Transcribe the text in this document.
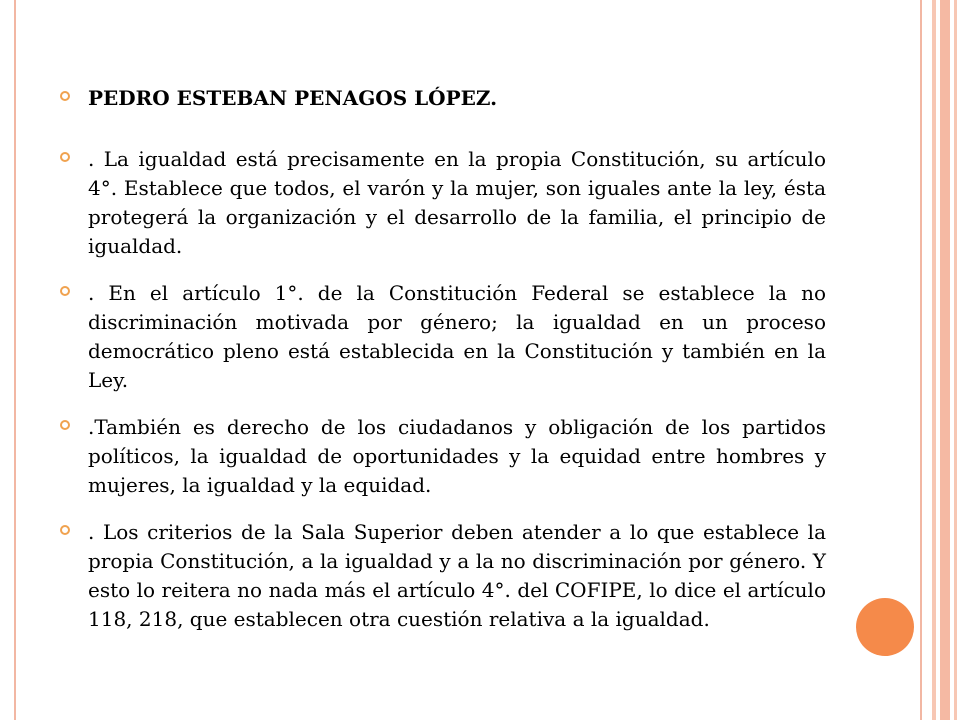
PEDRO ESTEBAN PENAGOS LÓPEZ.
. La igualdad está precisamente en la propia Constitución, su artículo 4°. Establece que todos, el varón y la mujer, son iguales ante la ley, ésta protegerá la organización y el desarrollo de la familia, el principio de igualdad.
. En el artículo 1°. de la Constitución Federal se establece la no discriminación motivada por género; la igualdad en un proceso democrático pleno está establecida en la Constitución y también en la Ley.
.También es derecho de los ciudadanos y obligación de los partidos políticos, la igualdad de oportunidades y la equidad entre hombres y mujeres, la igualdad y la equidad.
. Los criterios de la Sala Superior deben atender a lo que establece la propia Constitución, a la igualdad y a la no discriminación por género. Y esto lo reitera no nada más el artículo 4°. del COFIPE, lo dice el artículo 118, 218, que establecen otra cuestión relativa a la igualdad.
